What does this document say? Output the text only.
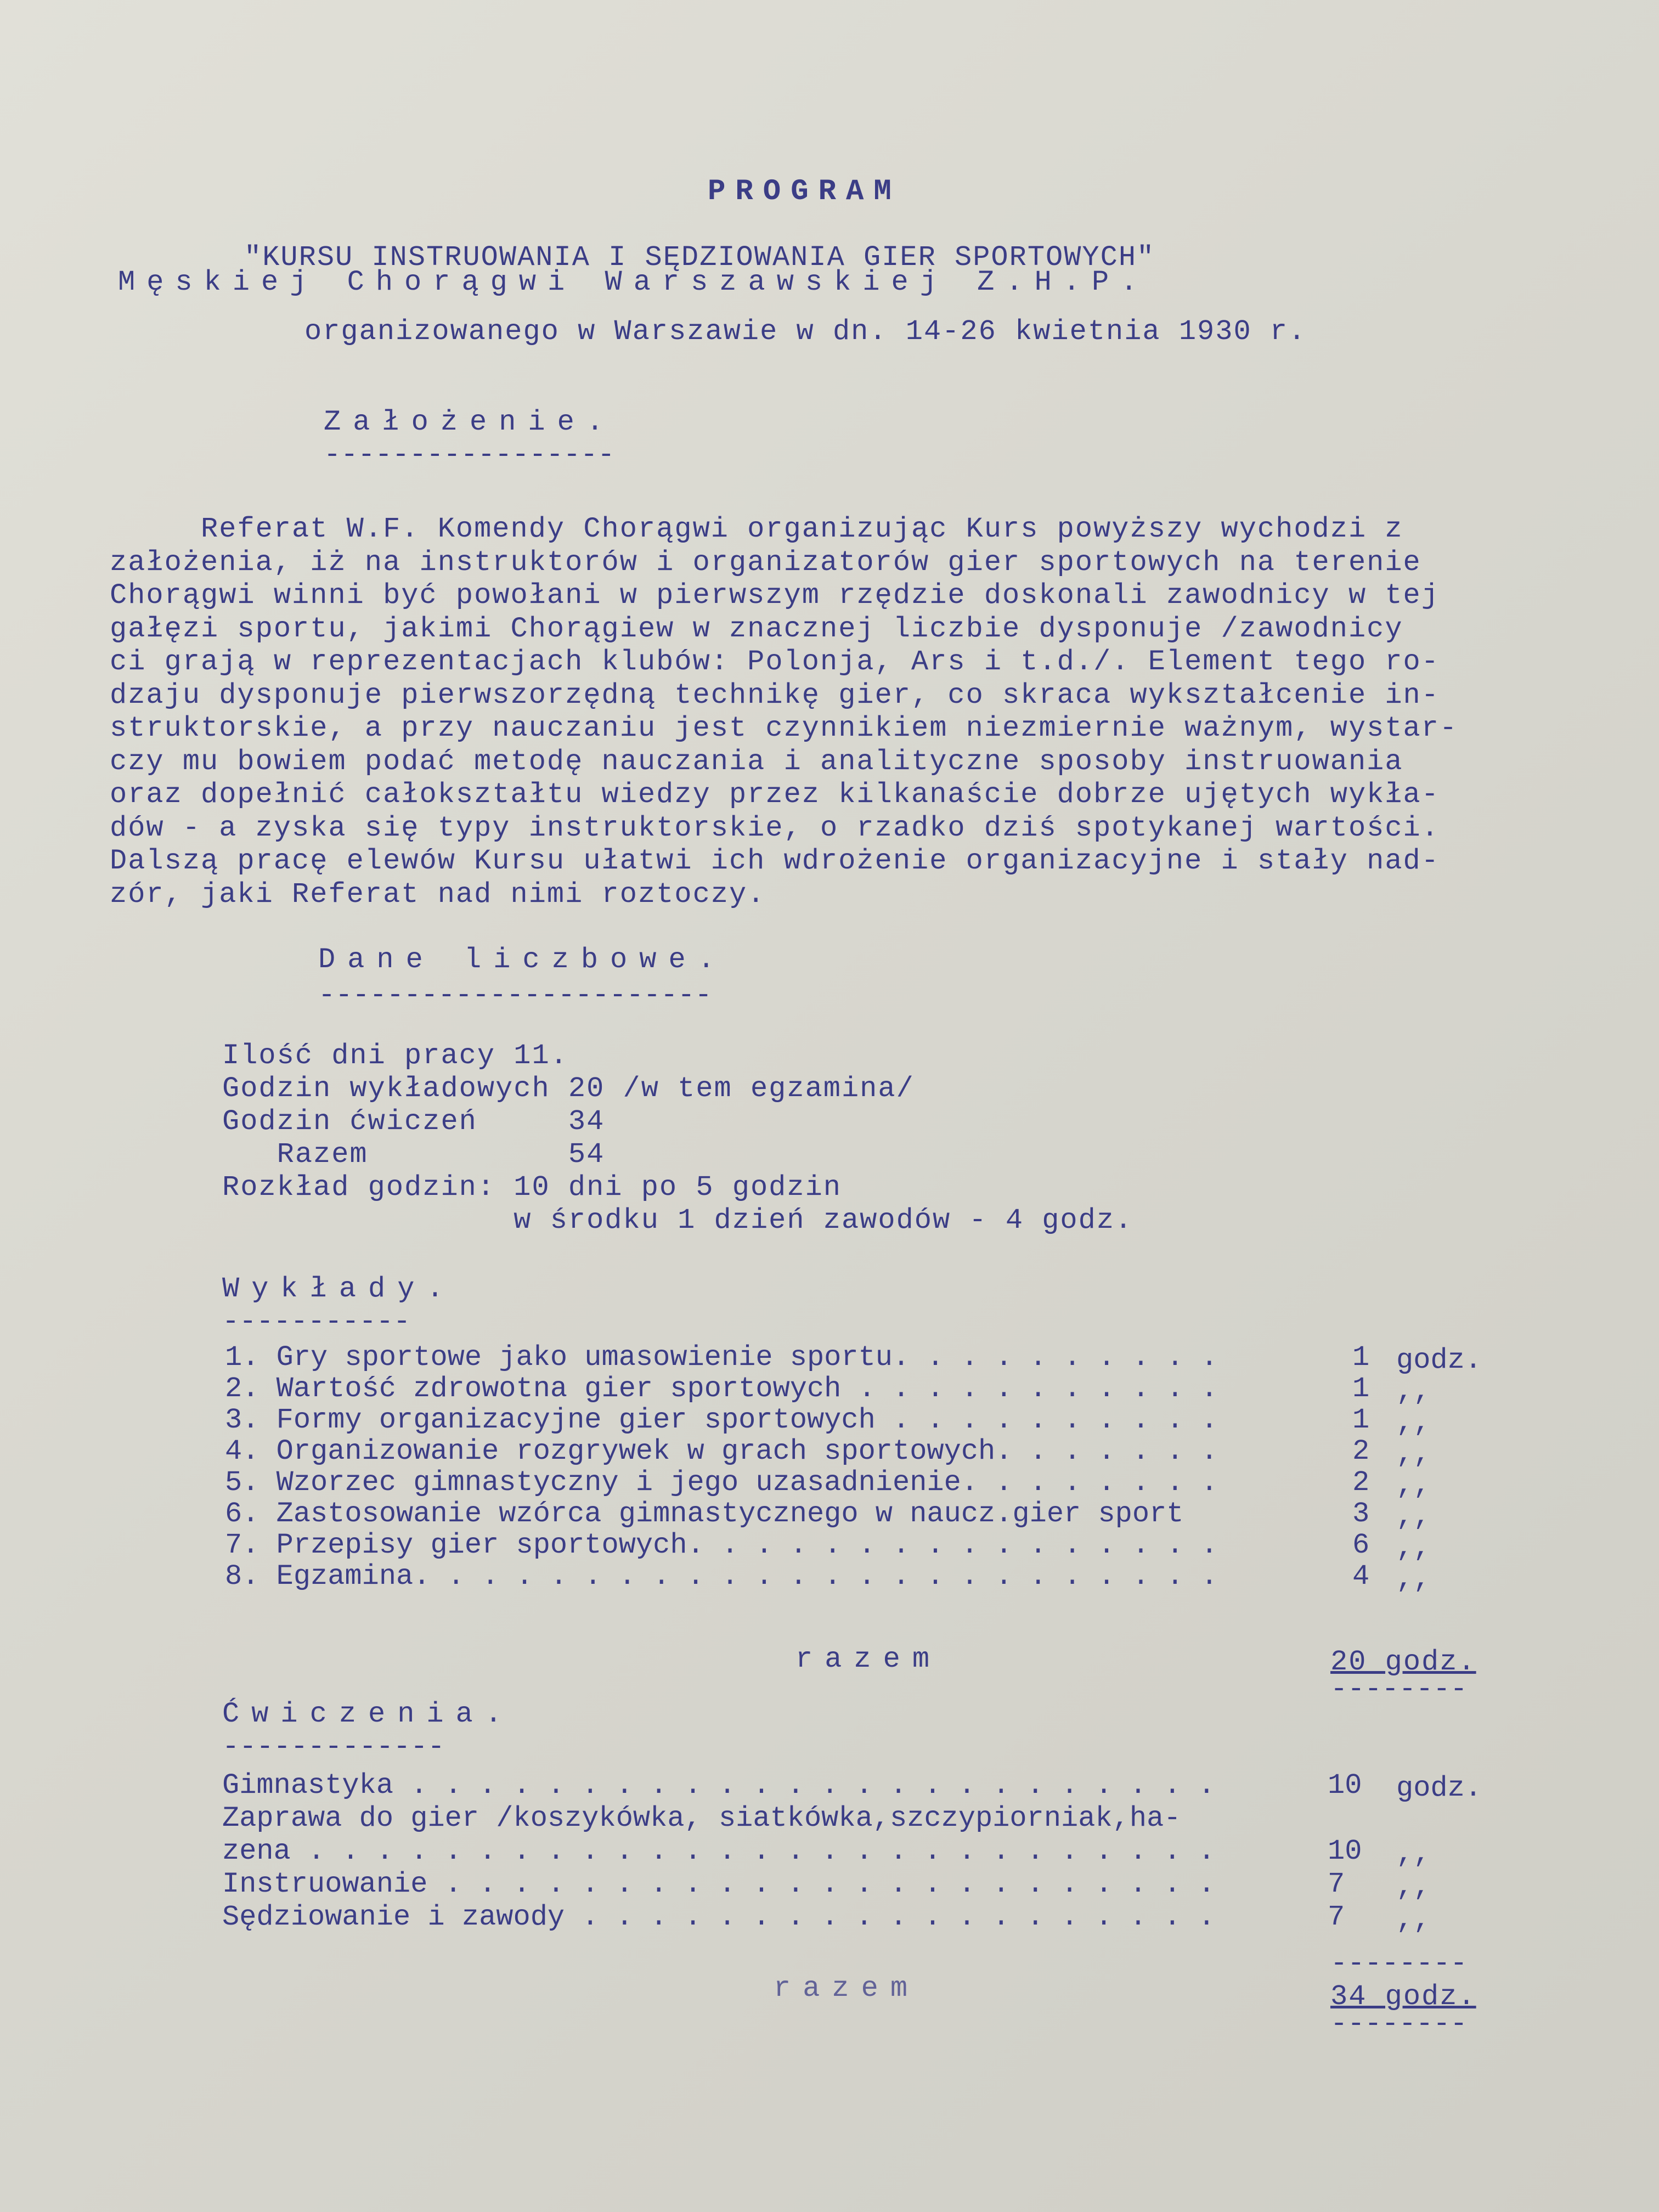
PROGRAM
"KURSU INSTRUOWANIA I SĘDZIOWANIA GIER SPORTOWYCH"
Męskiej Chorągwi Warszawskiej Z.H.P.
organizowanego w Warszawie w dn. 14-26 kwietnia 1930 r.
Założenie.
-----------------
Referat W.F. Komendy Chorągwi organizując Kurs powyższy wychodzi z
założenia, iż na instruktorów i organizatorów gier sportowych na terenie
Chorągwi winni być powołani w pierwszym rzędzie doskonali zawodnicy w tej
gałęzi sportu, jakimi Chorągiew w znacznej liczbie dysponuje /zawodnicy
ci grają w reprezentacjach klubów: Polonja, Ars i t.d./. Element tego ro-
dzaju dysponuje pierwszorzędną technikę gier, co skraca wykształcenie in-
struktorskie, a przy nauczaniu jest czynnikiem niezmiernie ważnym, wystar-
czy mu bowiem podać metodę nauczania i analityczne sposoby instruowania
oraz dopełnić całokształtu wiedzy przez kilkanaście dobrze ujętych wykła-
dów - a zyska się typy instruktorskie, o rzadko dziś spotykanej wartości.
Dalszą pracę elewów Kursu ułatwi ich wdrożenie organizacyjne i stały nad-
zór, jaki Referat nad nimi roztoczy.
Dane liczbowe.
-----------------------
Ilość dni pracy 11.
Godzin wykładowych 20 /w tem egzamina/
Godzin ćwiczeń     34
Razem           54
Rozkład godzin: 10 dni po 5 godzin
w środku 1 dzień zawodów - 4 godz.
Wykłady.
-----------
1. Gry sportowe jako umasowienie sportu. . . . . . . . . .	1 godz.
2. Wartość zdrowotna gier sportowych . . . . . . . . . . .	1 ,,
3. Formy organizacyjne gier sportowych . . . . . . . . . .	1 ,,
4. Organizowanie rozgrywek w grach sportowych. . . . . . .	2 ,,
5. Wzorzec gimnastyczny i jego uzasadnienie. . . . . . . .	2 ,,
6. Zastosowanie wzórca gimnastycznego w naucz.gier sport	3 ,,
7. Przepisy gier sportowych. . . . . . . . . . . . . . . .	6 ,,
8. Egzamina. . . . . . . . . . . . . . . . . . . . . . . .	4 ,,
razem	20 godz.
--------
Ćwiczenia.
-------------
Gimnastyka . . . . . . . . . . . . . . . . . . . . . . . .	10 godz.
Zaprawa do gier /koszykówka, siatkówka,szczypiorniak,ha-
zena . . . . . . . . . . . . . . . . . . . . . . . . . . .	10 ,,
Instruowanie . . . . . . . . . . . . . . . . . . . . . . .	7 ,,
Sędziowanie i zawody . . . . . . . . . . . . . . . . . . .	7 ,,
--------
razem	34 godz.
--------
